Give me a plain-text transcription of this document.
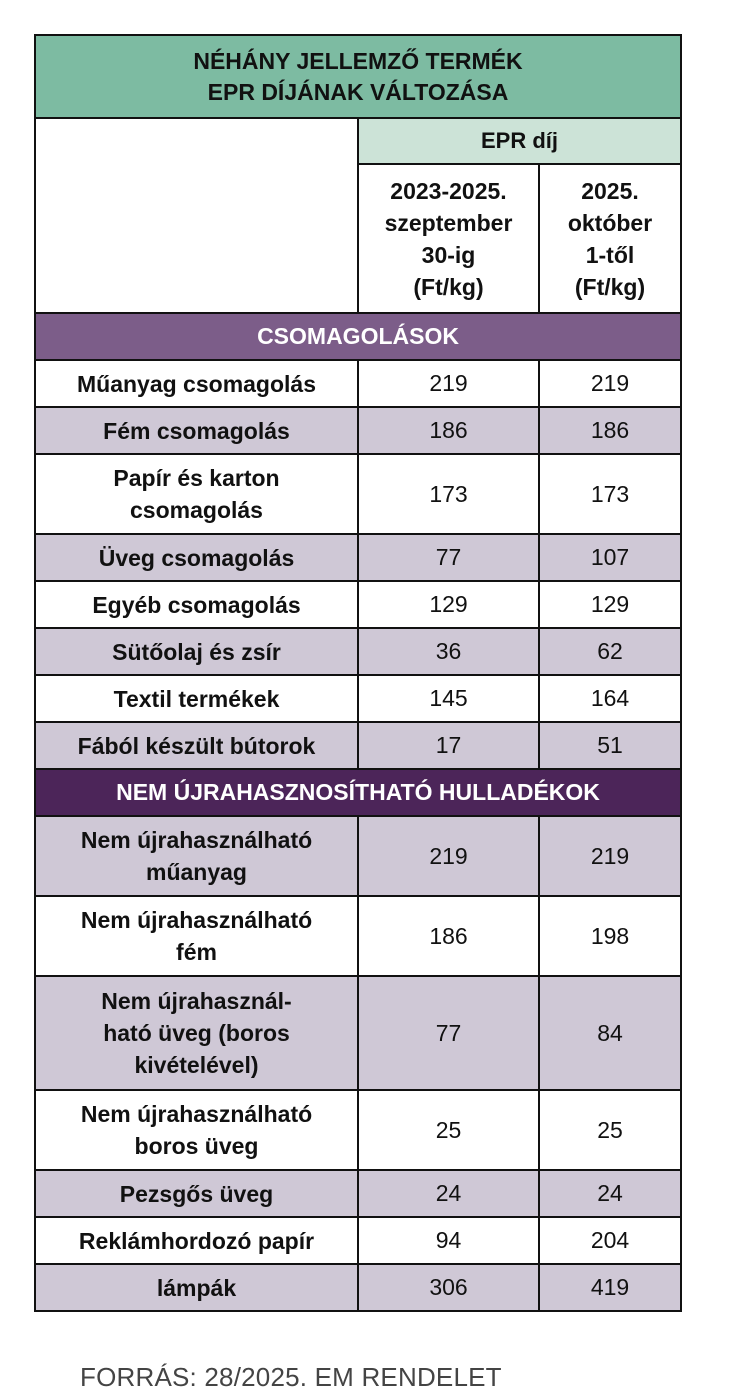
NÉHÁNY JELLEMZŐ TERMÉK
EPR DÍJÁNAK VÁLTOZÁSA		

	EPR díj	

	2023-2025.
szeptember
30-ig
(Ft/kg)	2025.
október
1-től
(Ft/kg)

CSOMAGOLÁSOK		

Műanyag csomagolás	219	219

Fém csomagolás	186	186

Papír és karton
csomagolás	173	173

Üveg csomagolás	77	107

Egyéb csomagolás	129	129

Sütőolaj és zsír	36	62

Textil termékek	145	164

Fából készült bútorok	17	51
NEM ÚJRAHASZNOSÍTHATÓ HULLADÉKOK		

Nem újrahasználható
műanyag	219	219

Nem újrahasználható
fém	186	198

Nem újrahasznál-
ható üveg (boros
kivételével)	77	84

Nem újrahasználható
boros üveg	25	25

Pezsgős üveg	24	24

Reklámhordozó papír	94	204

lámpák	306	419
FORRÁS: 28/2025. EM RENDELET
